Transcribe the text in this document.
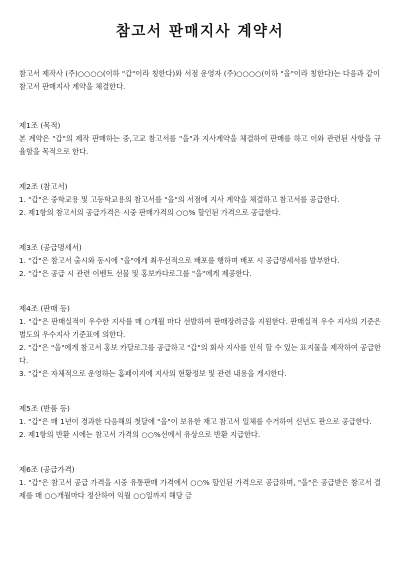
참고서 판매지사 계약서

참고서 제작사 (주)○○○○(이하 "갑"이라 칭한다)와 서점 운영자 (주)○○○○(이하 "을"이라 칭한다)는 다음과 같이 참고서 판매지사 계약을 체결한다.

제1조 (목적)

본 계약은 "갑"의 제작 판매하는 중,고교 참고서를 "을"과 지사계약을 체결하여 판매를 하고 이와 관련된 사항을 규율함을 목적으로 한다.

제2조 (참고서)

1. "갑"은 중학교용 및 고등학교용의 참고서를 "을"의 서점에 지사 계약을 체결하고 참고서를 공급한다.

2. 제1항의 참고서의 공급가격은 시중 판매가격의 ○○% 할인된 가격으로 공급한다.

제3조 (공급명세서)

1. "갑"은 참고서 출시와 동시에 "을"에게 최우선적으로 배포를 행하며 배포 시 공급명세서를 발부한다.

2. "갑"은 공급 시 관련 이벤트 선물 및 홍보카다로그를 "을"에게 제공한다.

제4조 (판매 등)

1. "갑"은 판매실적이 우수한 지사를 매 ○개월 마다 선발하여 판매장려금을 지원한다. 판매실적 우수 지사의 기준은 별도의 우수지사 기준표에 의한다.

2. "갑"은 "을"에게 참고서 홍보 카달로그를 공급하고 "갑"의 회사 지사를 인식 할 수 있는 표지물을 제작하여 공급한다.

3. "갑"은 자체적으로 운영하는 홈페이지에 지사의 현황정보 및 관련 내용을 게시한다.

제5조 (반품 등)

1. "갑"은 매 1년이 경과한 다음해의 첫달에 "을"이 보유한 재고 참고서 일체를 수거하여 신년도 판으로 공급한다.

2. 제1항의 반환 시에는 참고서 가격의 ○○%선에서 유상으로 반환 지급한다.

제6조 (공급가격)

1. "갑"은 참고서 공급 가격을 시중 유통판매 가격에서 ○○% 할인된 가격으로 공급하며, "을"은 공급받은 참고서 결제를 매 ○○개월마다 정산하여 익월 ○○일까지 해당 금
